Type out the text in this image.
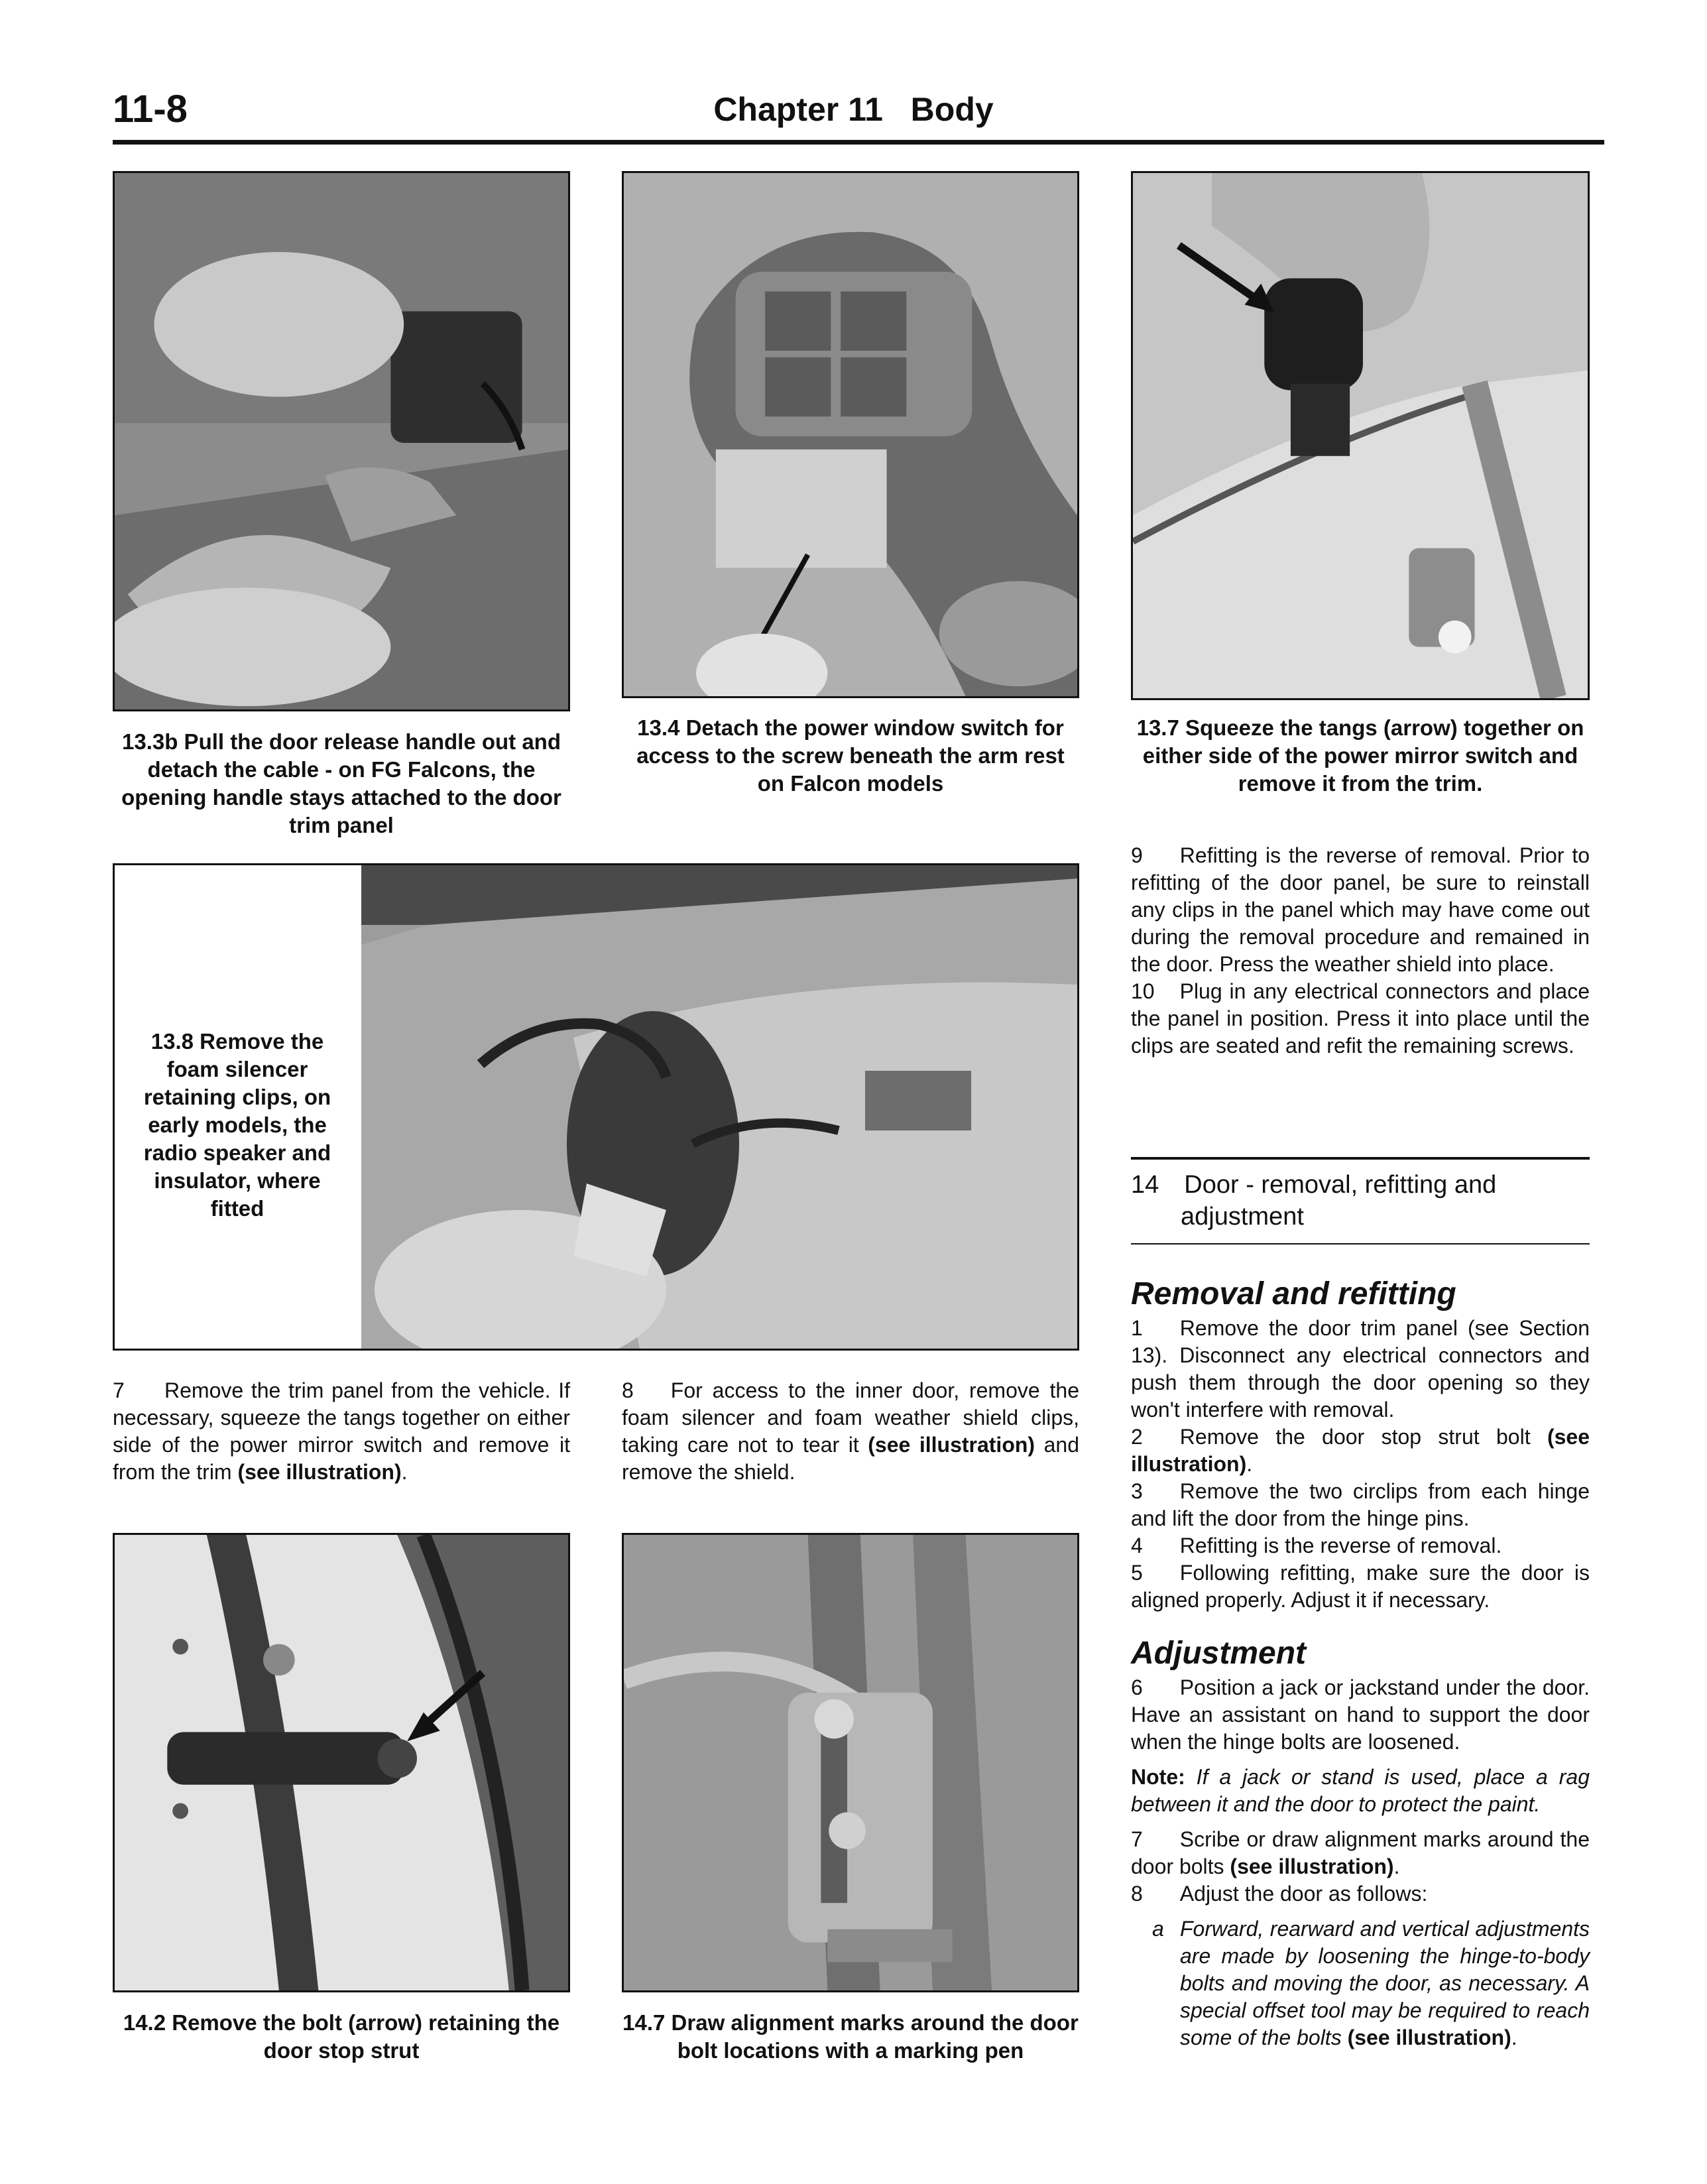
11-8	Chapter 11   Body
13.3b Pull the door release handle out and detach the cable - on FG Falcons, the opening handle stays attached to the door trim panel
13.4 Detach the power window switch for access to the screw beneath the arm rest on Falcon models
13.7 Squeeze the tangs (arrow) together on either side of the power mirror switch and remove it from the trim.
13.8 Remove the foam silencer retaining clips, on early models, the radio speaker and insulator, where fitted

7 Remove the trim panel from the vehicle. If necessary, squeeze the tangs together on either side of the power mirror switch and remove it from the trim (see illustration).

8 For access to the inner door, remove the foam silencer and foam weather shield clips, taking care not to tear it (see illustration) and remove the shield.

14.2 Remove the bolt (arrow) retaining the door stop strut
14.7 Draw alignment marks around the door bolt locations with a marking pen

9 Refitting is the reverse of removal. Prior to refitting of the door panel, be sure to reinstall any clips in the panel which may have come out during the removal procedure and remained in the door. Press the weather shield into place.

10 Plug in any electrical connectors and place the panel in position. Press it into place until the clips are seated and refit the remaining screws.

14 Door - removal, refitting and
adjustment
Removal and refitting

1 Remove the door trim panel (see Section 13). Disconnect any electrical connectors and push them through the door opening so they won't interfere with removal.

2 Remove the door stop strut bolt (see illustration).

3 Remove the two circlips from each hinge and lift the door from the hinge pins.

4 Refitting is the reverse of removal.

5 Following refitting, make sure the door is aligned properly. Adjust it if necessary.

Adjustment

6 Position a jack or jackstand under the door. Have an assistant on hand to support the door when the hinge bolts are loosened.

Note: If a jack or stand is used, place a rag between it and the door to protect the paint.

7 Scribe or draw alignment marks around the door bolts (see illustration).

8 Adjust the door as follows:

a Forward, rearward and vertical adjustments are made by loosening the hinge-to-body bolts and moving the door, as necessary. A special offset tool may be required to reach some of the bolts (see illustration).
